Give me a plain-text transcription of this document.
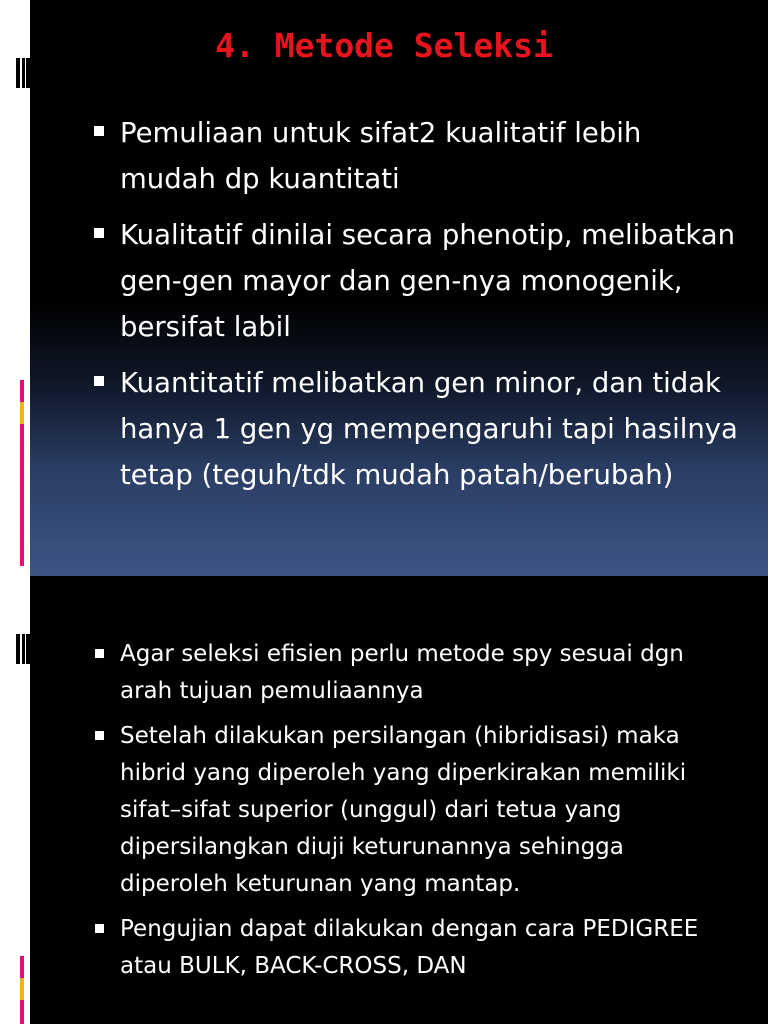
4. Metode Seleksi
Pemuliaan untuk sifat2 kualitatif lebih mudah dp kuantitati
Kualitatif dinilai secara phenotip, melibatkan gen-gen mayor dan gen-nya monogenik, bersifat labil
Kuantitatif melibatkan gen minor, dan tidak hanya 1 gen yg mempengaruhi tapi hasilnya tetap (teguh/tdk mudah patah/berubah)
Agar seleksi efisien perlu metode spy sesuai dgn arah tujuan pemuliaannya
Setelah dilakukan persilangan (hibridisasi) maka hibrid yang diperoleh yang diperkirakan memiliki sifat–sifat superior (unggul) dari tetua yang dipersilangkan diuji keturunannya sehingga diperoleh keturunan yang mantap.
Pengujian dapat dilakukan dengan cara PEDIGREE atau BULK, BACK-CROSS, DAN
